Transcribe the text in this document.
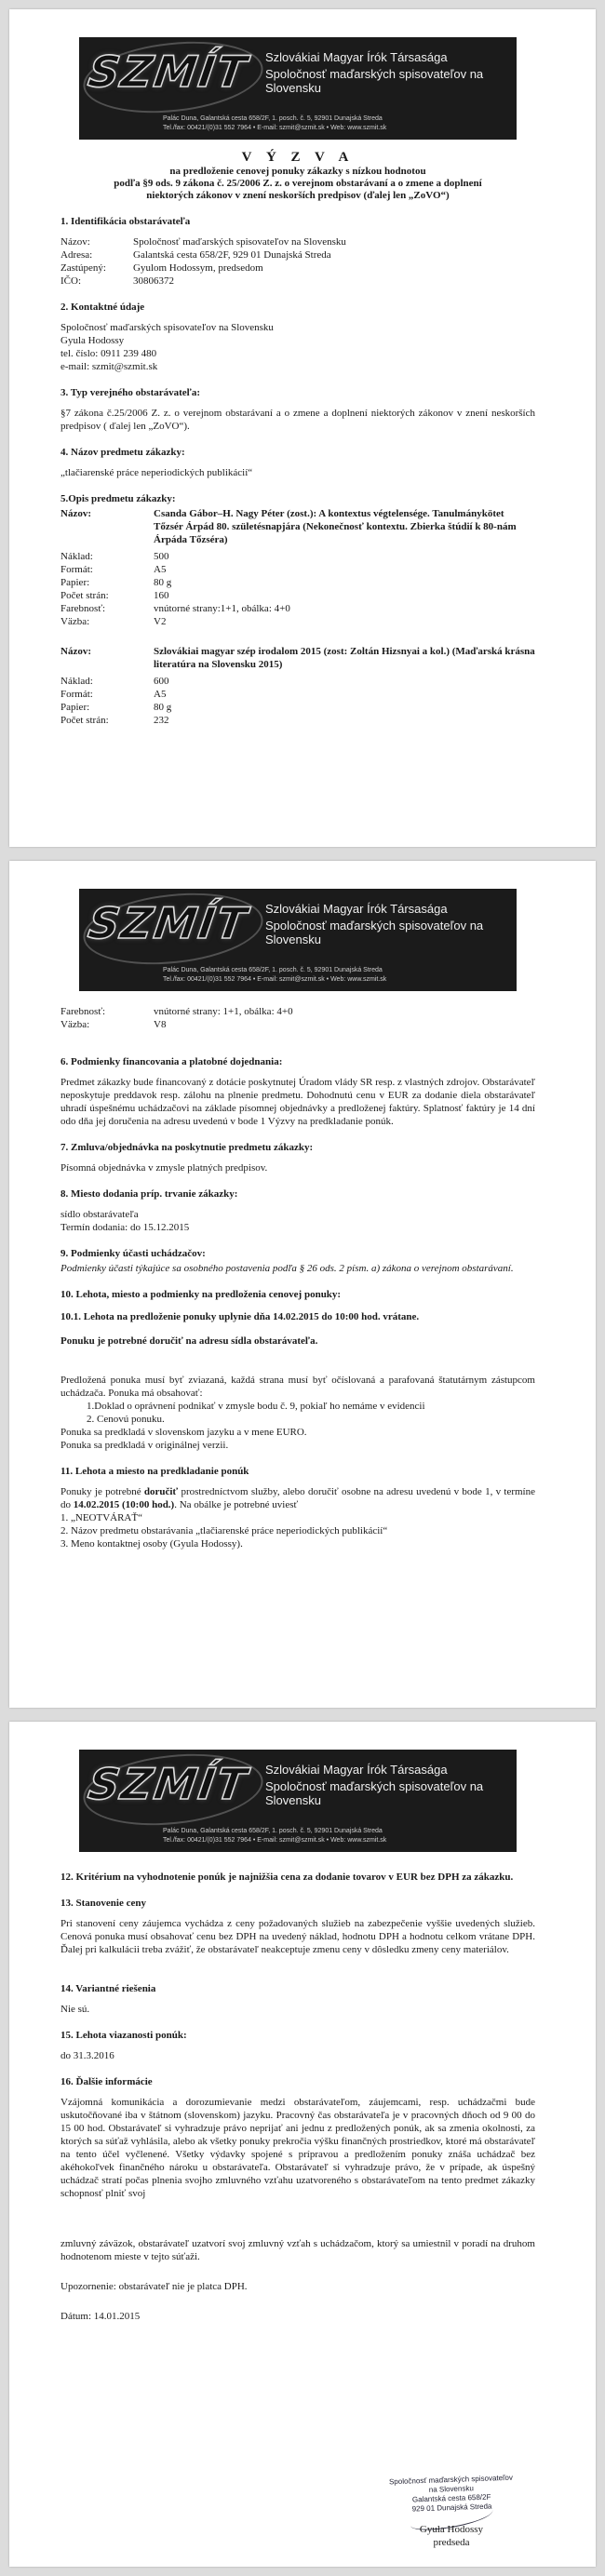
SZMÍT Szlovákiai Magyar Írók Társasága
Spoločnosť maďarských spisovateľov na Slovensku
Palác Duna, Galantská cesta 658/2F, 1. posch. č. 5, 92901 Dunajská Streda
Tel./fax: 00421/(0)31 552 7964 • E-mail: szmit@szmit.sk • Web: www.szmit.sk
V Ý Z V A
na predloženie cenovej ponuky zákazky s nízkou hodnotou
podľa §9 ods. 9 zákona č. 25/2006 Z. z. o verejnom obstarávaní a o zmene a doplnení
niektorých zákonov v znení neskorších predpisov (ďalej len „ZoVO“)
1. Identifikácia obstarávateľa
Názov:	Spoločnosť maďarských spisovateľov na Slovensku
Adresa:	Galantská cesta 658/2F, 929 01 Dunajská Streda
Zastúpený:	Gyulom Hodossym, predsedom
IČO:	30806372
2. Kontaktné údaje
Spoločnosť maďarských spisovateľov na Slovensku
Gyula Hodossy
tel. číslo: 0911 239 480
e-mail: szmit@szmit.sk
3. Typ verejného obstarávateľa:
§7 zákona č.25/2006 Z. z. o verejnom obstarávaní a o zmene a doplnení niektorých zákonov v znení neskorších predpisov ( ďalej len „ZoVO“).
4. Názov predmetu zákazky:
„tlačiarenské práce neperiodických publikácií“
5.Opis predmetu zákazky:
Názov:	Csanda Gábor–H. Nagy Péter (zost.): A kontextus végtelensége. Tanulmánykötet Tőzsér Árpád 80. születésnapjára (Nekonečnosť kontextu. Zbierka štúdií k 80-nám Árpáda Tőzséra)
Náklad:	500
Formát:	A5
Papier:	80 g
Počet strán:	160
Farebnosť:	vnútorné strany:1+1, obálka: 4+0
Väzba:	V2
Názov:	Szlovákiai magyar szép irodalom 2015 (zost: Zoltán Hizsnyai a kol.) (Maďarská krásna literatúra na Slovensku 2015)
Náklad:	600
Formát:	A5
Papier:	80 g
Počet strán:	232
SZMÍT Szlovákiai Magyar Írók Társasága
Spoločnosť maďarských spisovateľov na Slovensku
Palác Duna, Galantská cesta 658/2F, 1. posch. č. 5, 92901 Dunajská Streda
Tel./fax: 00421/(0)31 552 7964 • E-mail: szmit@szmit.sk • Web: www.szmit.sk
Farebnosť:	vnútorné strany: 1+1, obálka: 4+0
Väzba:	V8
6. Podmienky financovania a platobné dojednania:
Predmet zákazky bude financovaný z dotácie poskytnutej Úradom vlády SR resp. z vlastných zdrojov. Obstarávateľ neposkytuje preddavok resp. zálohu na plnenie predmetu. Dohodnutú cenu v EUR za dodanie diela obstarávateľ uhradí úspešnému uchádzačovi na základe písomnej objednávky a predloženej faktúry. Splatnosť faktúry je 14 dní odo dňa jej doručenia na adresu uvedenú v bode 1 Výzvy na predkladanie ponúk.
7. Zmluva/objednávka na poskytnutie predmetu zákazky:
Písomná objednávka v zmysle platných predpisov.
8. Miesto dodania príp. trvanie zákazky:
sídlo obstarávateľa
Termín dodania: do 15.12.2015
9. Podmienky účasti uchádzačov:
Podmienky účasti týkajúce sa osobného postavenia podľa § 26 ods. 2 písm. a) zákona o verejnom obstarávaní.
10. Lehota, miesto a podmienky na predloženia cenovej ponuky:
10.1. Lehota na predloženie ponuky uplynie dňa 14.02.2015 do 10:00 hod. vrátane.
Ponuku je potrebné doručiť na adresu sídla obstarávateľa.
Predložená ponuka musí byť zviazaná, každá strana musí byť očíslovaná a parafovaná štatutárnym zástupcom uchádzača. Ponuka má obsahovať:
1.Doklad o oprávnení podnikať v zmysle bodu č. 9, pokiaľ ho nemáme v evidencii
2. Cenovú ponuku.
Ponuka sa predkladá v slovenskom jazyku a v mene EURO.
Ponuka sa predkladá v originálnej verzii.
11. Lehota a miesto na predkladanie ponúk
Ponuky je potrebné doručiť prostredníctvom služby, alebo doručiť osobne na adresu uvedenú v bode 1, v termíne do 14.02.2015 (10:00 hod.). Na obálke je potrebné uviesť
1. „NEOTVÁRAŤ“
2. Názov predmetu obstarávania „tlačiarenské práce neperiodických publikácií“
3. Meno kontaktnej osoby (Gyula Hodossy).
SZMÍT Szlovákiai Magyar Írók Társasága
Spoločnosť maďarských spisovateľov na Slovensku
Palác Duna, Galantská cesta 658/2F, 1. posch. č. 5, 92901 Dunajská Streda
Tel./fax: 00421/(0)31 552 7964 • E-mail: szmit@szmit.sk • Web: www.szmit.sk
12. Kritérium na vyhodnotenie ponúk je najnižšia cena za dodanie tovarov v EUR bez DPH za zákazku.
13. Stanovenie ceny
Pri stanovení ceny záujemca vychádza z ceny požadovaných služieb na zabezpečenie vyššie uvedených služieb. Cenová ponuka musí obsahovať cenu bez DPH na uvedený náklad, hodnotu DPH a hodnotu celkom vrátane DPH. Ďalej pri kalkulácii treba zvážiť, že obstarávateľ neakceptuje zmenu ceny v dôsledku zmeny ceny materiálov.
14. Variantné riešenia
Nie sú.
15. Lehota viazanosti ponúk:
do 31.3.2016
16. Ďalšie informácie
Vzájomná komunikácia a dorozumievanie medzi obstarávateľom, záujemcami, resp. uchádzačmi bude uskutočňované iba v štátnom (slovenskom) jazyku. Pracovný čas obstarávateľa je v pracovných dňoch od 9 00 do 15 00 hod. Obstarávateľ si vyhradzuje právo neprijať ani jednu z predložených ponúk, ak sa zmenia okolnosti, za ktorých sa súťaž vyhlásila, alebo ak všetky ponuky prekročia výšku finančných prostriedkov, ktoré má obstarávateľ na tento účel vyčlenené. Všetky výdavky spojené s prípravou a predložením ponuky znáša uchádzač bez akéhokoľvek finančného nároku u obstarávateľa. Obstarávateľ si vyhradzuje právo, že v prípade, ak úspešný uchádzač stratí počas plnenia svojho zmluvného vzťahu uzatvoreného s obstarávateľom na tento predmet zákazky schopnosť plniť svoj
zmluvný záväzok, obstarávateľ uzatvorí svoj zmluvný vzťah s uchádzačom, ktorý sa umiestnil v poradí na druhom hodnotenom mieste v tejto súťaži.
Upozornenie: obstarávateľ nie je platca DPH.
Dátum: 14.01.2015
Spoločnosť maďarských spisovateľov
na Slovensku
Galantská cesta 658/2F
929 01 Dunajská Streda
Gyula Hodossy
predseda
